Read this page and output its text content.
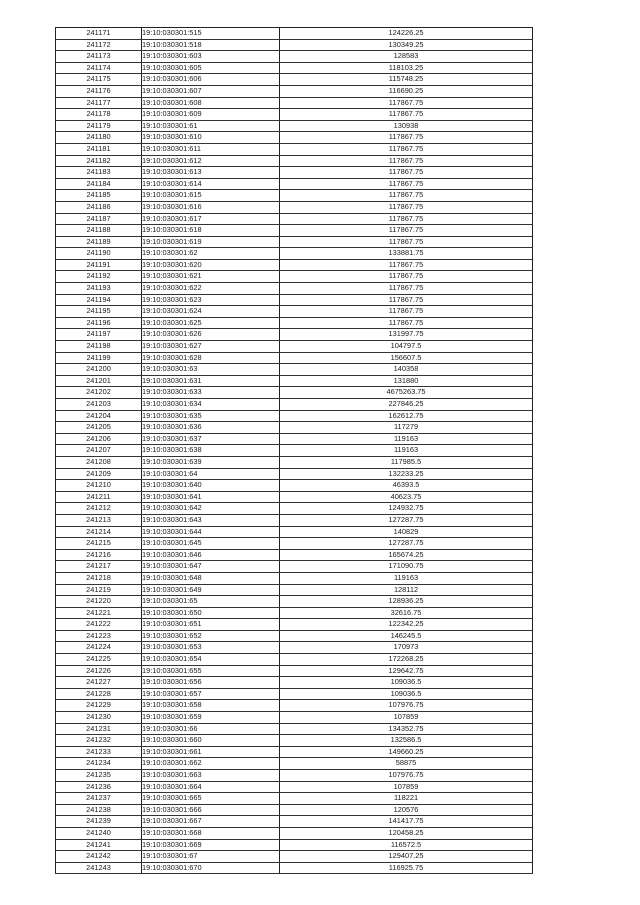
241171	19:10:030301:515	124226.25
241172	19:10:030301:518	130349.25
241173	19:10:030301:603	128583
241174	19:10:030301:605	118103.25
241175	19:10:030301:606	115748.25
241176	19:10:030301:607	116690.25
241177	19:10:030301:608	117867.75
241178	19:10:030301:609	117867.75
241179	19:10:030301:61	130938
241180	19:10:030301:610	117867.75
241181	19:10:030301:611	117867.75
241182	19:10:030301:612	117867.75
241183	19:10:030301:613	117867.75
241184	19:10:030301:614	117867.75
241185	19:10:030301:615	117867.75
241186	19:10:030301:616	117867.75
241187	19:10:030301:617	117867.75
241188	19:10:030301:618	117867.75
241189	19:10:030301:619	117867.75
241190	19:10:030301:62	133881.75
241191	19:10:030301:620	117867.75
241192	19:10:030301:621	117867.75
241193	19:10:030301:622	117867.75
241194	19:10:030301:623	117867.75
241195	19:10:030301:624	117867.75
241196	19:10:030301:625	117867.75
241197	19:10:030301:626	131997.75
241198	19:10:030301:627	104797.5
241199	19:10:030301:628	156607.5
241200	19:10:030301:63	140358
241201	19:10:030301:631	131880
241202	19:10:030301:633	4675263.75
241203	19:10:030301:634	227846.25
241204	19:10:030301:635	162612.75
241205	19:10:030301:636	117279
241206	19:10:030301:637	119163
241207	19:10:030301:638	119163
241208	19:10:030301:639	117985.5
241209	19:10:030301:64	132233.25
241210	19:10:030301:640	46393.5
241211	19:10:030301:641	40623.75
241212	19:10:030301:642	124932.75
241213	19:10:030301:643	127287.75
241214	19:10:030301:644	140829
241215	19:10:030301:645	127287.75
241216	19:10:030301:646	165674.25
241217	19:10:030301:647	171090.75
241218	19:10:030301:648	119163
241219	19:10:030301:649	128112
241220	19:10:030301:65	128936.25
241221	19:10:030301:650	32616.75
241222	19:10:030301:651	122342.25
241223	19:10:030301:652	146245.5
241224	19:10:030301:653	170973
241225	19:10:030301:654	172268.25
241226	19:10:030301:655	129642.75
241227	19:10:030301:656	109036.5
241228	19:10:030301:657	109036.5
241229	19:10:030301:658	107976.75
241230	19:10:030301:659	107859
241231	19:10:030301:66	134352.75
241232	19:10:030301:660	132586.5
241233	19:10:030301:661	149660.25
241234	19:10:030301:662	58875
241235	19:10:030301:663	107976.75
241236	19:10:030301:664	107859
241237	19:10:030301:665	118221
241238	19:10:030301:666	120576
241239	19:10:030301:667	141417.75
241240	19:10:030301:668	120458.25
241241	19:10:030301:669	116572.5
241242	19:10:030301:67	129407.25
241243	19:10:030301:670	116925.75
